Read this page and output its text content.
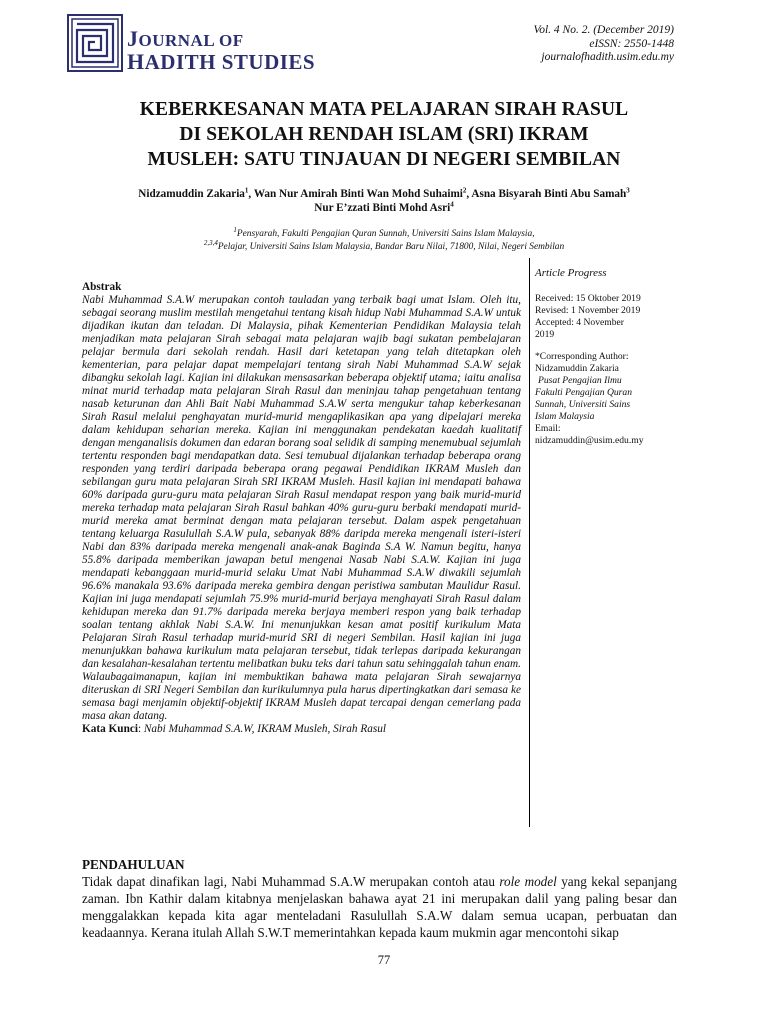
JOURNAL OF
HADITH STUDIES
Vol. 4 No. 2. (December 2019)
eISSN: 2550-1448
journalofhadith.usim.edu.my
KEBERKESANAN MATA PELAJARAN SIRAH RASUL
DI SEKOLAH RENDAH ISLAM (SRI) IKRAM
MUSLEH: SATU TINJAUAN DI NEGERI SEMBILAN
Nidzamuddin Zakaria$^1$, Wan Nur Amirah Binti Wan Mohd Suhaimi$^2$, Asna Bisyarah Binti Abu Samah$^3$
Nur E’zzati Binti Mohd Asri$^4$
$^1$Pensyarah, Fakulti Pengajian Quran Sunnah, Universiti Sains Islam Malaysia,
$^{2,3,4}$Pelajar, Universiti Sains Islam Malaysia, Bandar Baru Nilai, 71800, Nilai, Negeri Sembilan
Article Progress
Received: 15 Oktober 2019
Revised: 1 November 2019
Accepted: 4 November
2019
*Corresponding Author:
Nidzamuddin Zakaria
Pusat Pengajian Ilmu
Fakulti Pengajian Quran
Sunnah, Universiti Sains
Islam Malaysia
Email:
nidzamuddin@usim.edu.my
Abstrak
Nabi Muhammad S.A.W merupakan contoh tauladan yang terbaik bagi umat Islam. Oleh itu, sebagai seorang muslim mestilah mengetahui tentang kisah hidup Nabi Muhammad S.A.W untuk dijadikan ikutan dan teladan. Di Malaysia, pihak Kementerian Pendidikan Malaysia telah menjadikan mata pelajaran Sirah sebagai mata pelajaran wajib bagi sukatan pembelajaran pelajar bermula dari sekolah rendah. Hasil dari ketetapan yang telah ditetapkan oleh kementerian, para pelajar dapat mempelajari tentang sirah Nabi Muhammad S.A.W sejak dibangku sekolah lagi. Kajian ini dilakukan mensasarkan beberapa objektif utama; iaitu analisa minat murid terhadap mata pelajaran Sirah Rasul dan meninjau tahap pengetahuan tentang nasab keturunan dan Ahli Bait Nabi Muhammad S.A.W serta mengukur tahap keberkesanan Sirah Rasul melalui penghayatan murid-murid mengaplikasikan apa yang dipelajari mereka dalam kehidupan seharian mereka. Kajian ini menggunakan pendekatan kaedah kualitatif dengan menganalisis dokumen dan edaran borang soal selidik di samping menemubual sejumlah tertentu responden bagi mendapatkan data. Sesi temubual dijalankan terhadap beberapa orang responden yang terdiri daripada beberapa orang pegawai Pendidikan IKRAM Musleh dan sebilangan guru mata pelajaran Sirah SRI IKRAM Musleh. Hasil kajian ini mendapati bahawa 60% daripada guru-guru mata pelajaran Sirah Rasul mendapat respon yang baik murid-murid mereka terhadap mata pelajaran Sirah Rasul bahkan 40% guru-guru berbaki mendapati murid-murid mereka amat berminat dengan mata pelajaran tersebut. Dalam aspek pengetahuan tentang keluarga Rasulullah S.A.W pula, sebanyak 88% daripda mereka mengenali isteri-isteri Nabi dan 83% daripada mereka mengenali anak-anak Baginda S.A W. Namun begitu, hanya 55.8% daripada memberikan jawapan betul mengenai Nasab Nabi S.A.W. Kajian ini juga mendapati kebanggaan murid-murid selaku Umat Nabi Muhammad S.A.W diwakili sejumlah 96.6% manakala 93.6% daripada mereka gembira dengan peristiwa sambutan Maulidur Rasul. Kajian ini juga mendapati sejumlah 75.9% murid-murid berjaya menghayati Sirah Rasul dalam kehidupan mereka dan 91.7% daripada mereka berjaya memberi respon yang baik terhadap soalan tentang akhlak Nabi S.A.W. Ini menunjukkan kesan amat positif kurikulum Mata Pelajaran Sirah Rasul terhadap murid-murid SRI di negeri Sembilan. Hasil kajian ini juga menunjukkan bahawa kurikulum mata pelajaran tersebut, tidak terlepas daripada kekurangan dan kesalahan-kesalahan tertentu melibatkan buku teks dari tahun satu sehinggalah tahun enam. Walaubagaimanapun, kajian ini membuktikan bahawa mata pelajaran Sirah sewajarnya diteruskan di SRI Negeri Sembilan dan kurikulumnya pula harus dipertingkatkan dari semasa ke semasa bagi menjamin objektif-objektif IKRAM Musleh dapat tercapai dengan cemerlang pada masa akan datang.
Kata Kunci: Nabi Muhammad S.A.W, IKRAM Musleh, Sirah Rasul
PENDAHULUAN
Tidak dapat dinafikan lagi, Nabi Muhammad S.A.W merupakan contoh atau role model yang kekal sepanjang zaman. Ibn Kathir dalam kitabnya menjelaskan bahawa ayat 21 ini merupakan dalil yang paling besar dan menggalakkan kepada kita agar menteladani Rasulullah S.A.W dalam semua ucapan, perbuatan dan keadaannya. Kerana itulah Allah S.W.T memerintahkan kepada kaum mukmin agar mencontohi sikap
77
